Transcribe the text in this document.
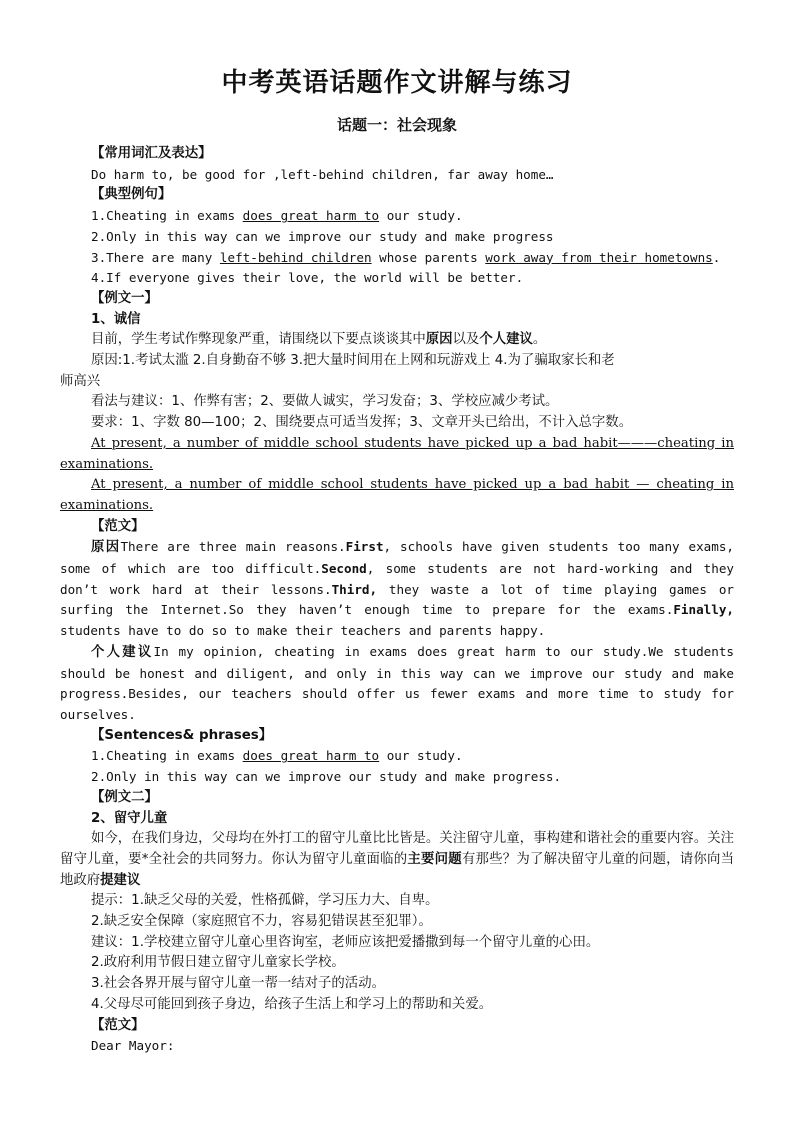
中考英语话题作文讲解与练习
话题一：社会现象
【常用词汇及表达】
Do harm to, be good for ,left-behind children, far away home…
【典型例句】
1.Cheating in exams does great harm to our study.
2.Only in this way can we improve our study and make progress
3.There are many left-behind children whose parents work away from their hometowns.
4.If everyone gives their love, the world will be better.
【例文一】
1、诚信
目前，学生考试作弊现象严重，请围绕以下要点谈谈其中原因以及个人建议。
原因:1.考试太滥 2.自身勤奋不够 3.把大量时间用在上网和玩游戏上 4.为了骗取家长和老
师高兴
看法与建议：1、作弊有害；2、要做人诚实，学习发奋；3、学校应减少考试。
要求：1、字数 80—100；2、围绕要点可适当发挥；3、文章开头已给出，不计入总字数。
At present, a number of middle school students have picked up a bad habit———cheating in examinations.
At present, a number of middle school students have picked up a bad habit — cheating in examinations.
【范文】
原因There are three main reasons.First, schools have given students too many exams, some of which are too difficult.Second, some students are not hard-working and they don’t work hard at their lessons.Third, they waste a lot of time playing games or surfing the Internet.So they haven’t enough time to prepare for the exams.Finally, students have to do so to make their teachers and parents happy.
个人建议In my opinion, cheating in exams does great harm to our study.We students should be honest and diligent, and only in this way can we improve our study and make progress.Besides, our teachers should offer us fewer exams and more time to study for ourselves.
【Sentences& phrases】
1.Cheating in exams does great harm to our study.
2.Only in this way can we improve our study and make progress.
【例文二】
2、留守儿童
如今，在我们身边，父母均在外打工的留守儿童比比皆是。关注留守儿童，事构建和谐社会的重要内容。关注留守儿童，要*全社会的共同努力。你认为留守儿童面临的主要问题有那些？为了解决留守儿童的问题，请你向当地政府提建议
提示：1.缺乏父母的关爱，性格孤僻，学习压力大、自卑。
2.缺乏安全保障（家庭照官不力，容易犯错误甚至犯罪）。
建议：1.学校建立留守儿童心里咨询室，老师应该把爱播撒到每一个留守儿童的心田。
2.政府利用节假日建立留守儿童家长学校。
3.社会各界开展与留守儿童一帮一结对子的活动。
4.父母尽可能回到孩子身边，给孩子生活上和学习上的帮助和关爱。
【范文】
Dear Mayor:
